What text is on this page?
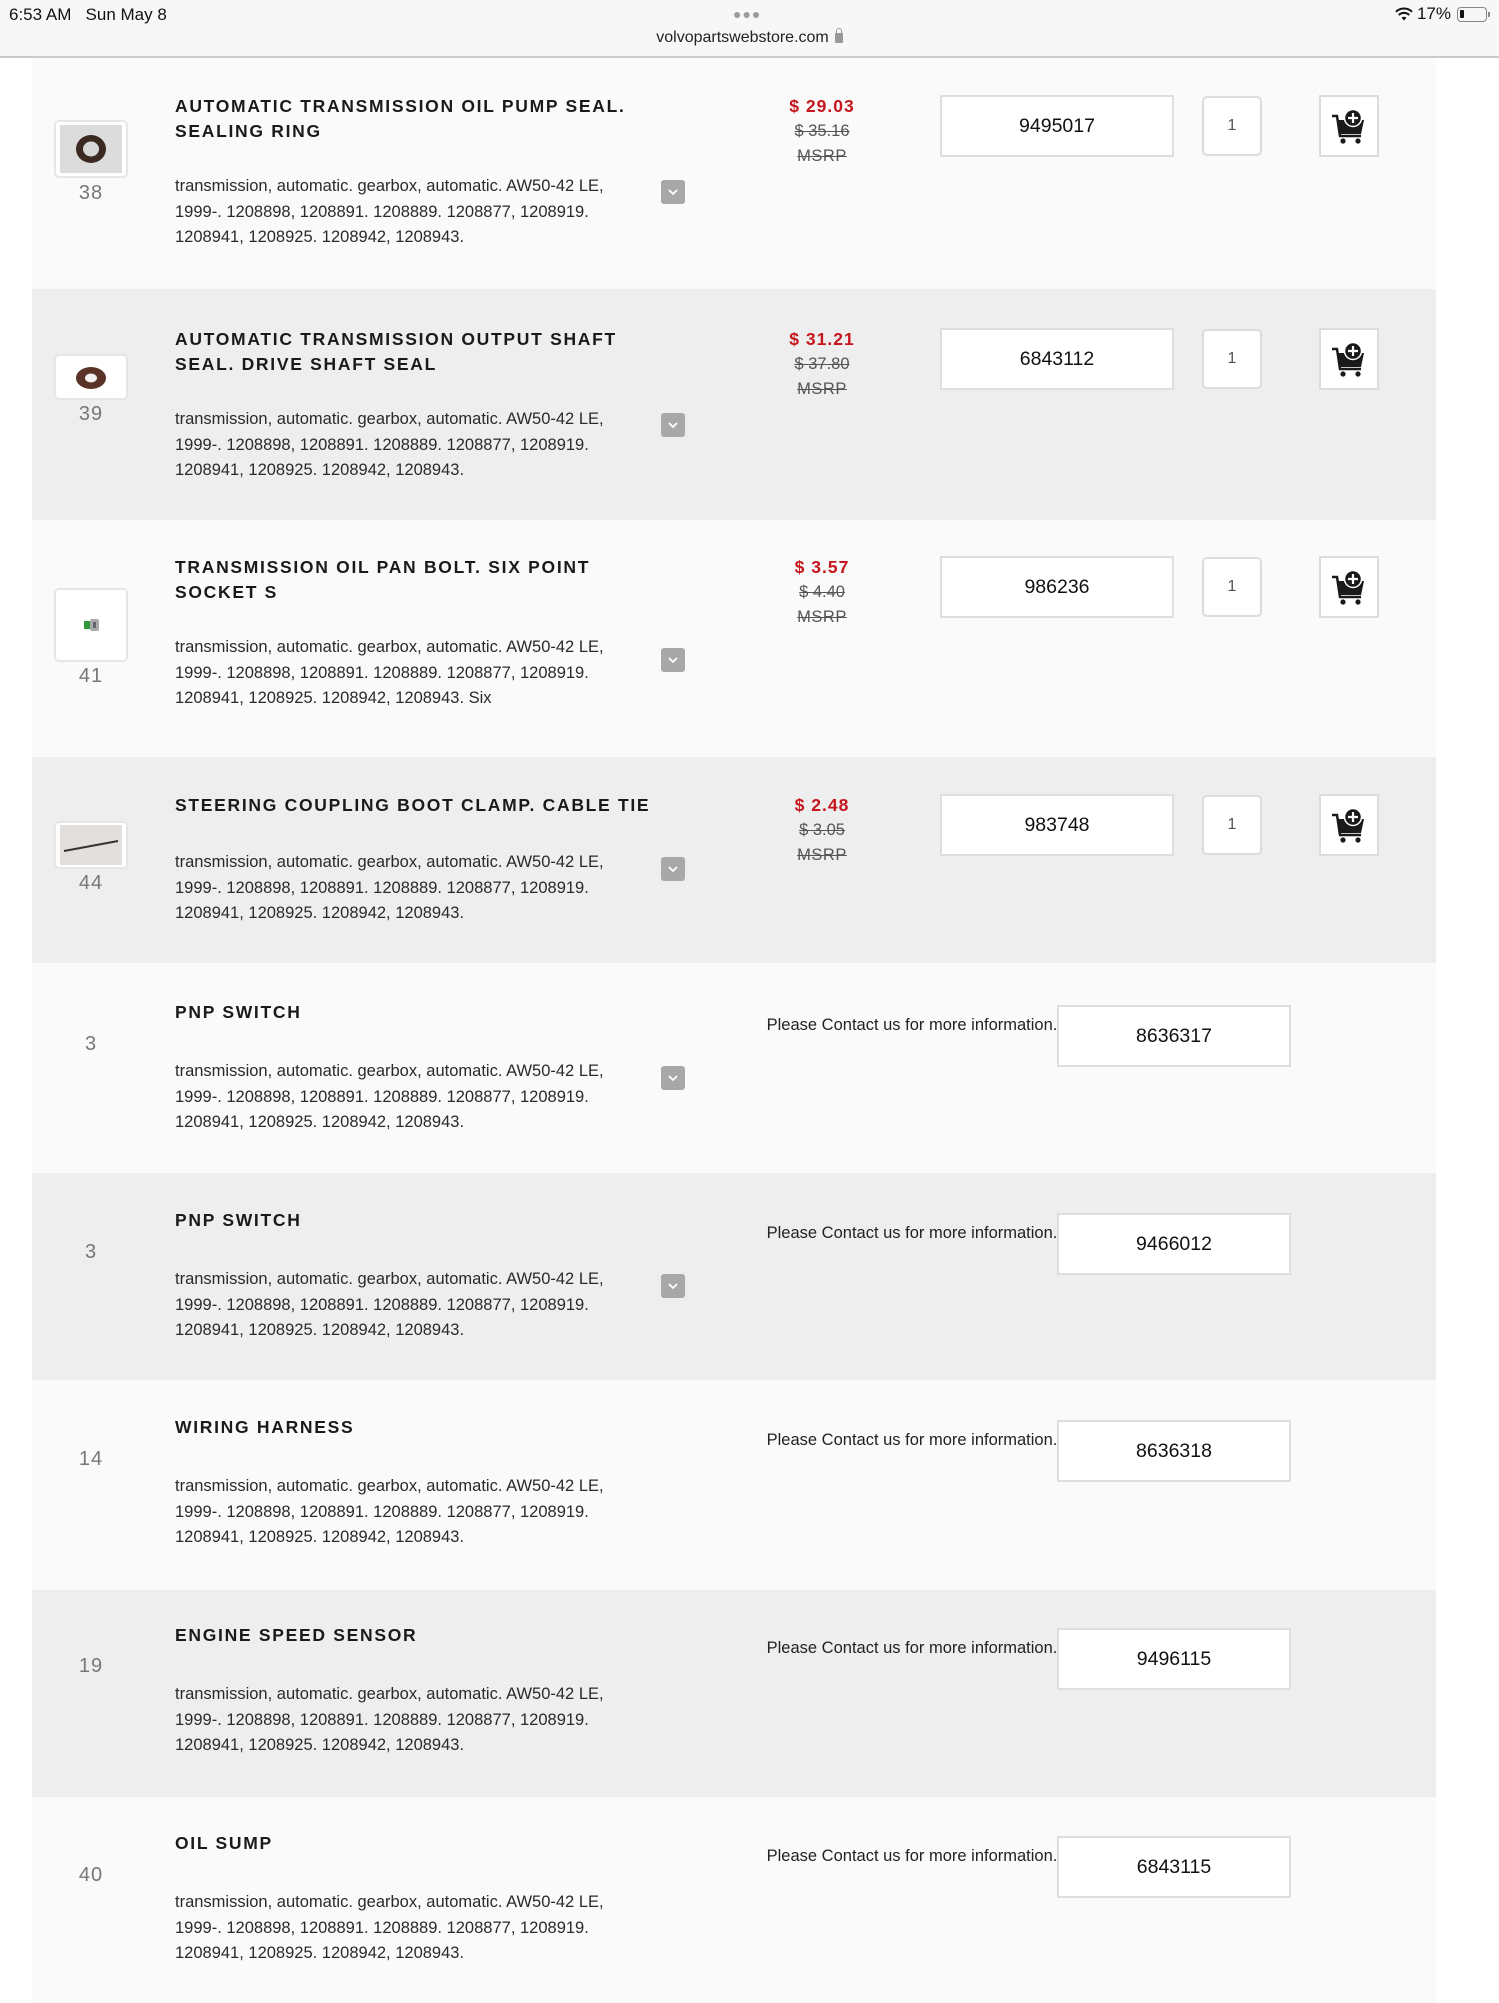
6:53 AM Sun May 8	●●●
volvopartswebstore.com
17%
38
AUTOMATIC TRANSMISSION OIL PUMP SEAL. SEALING RING
transmission, automatic. gearbox, automatic. AW50-42 LE, 1999-. 1208898, 1208891. 1208889. 1208877, 1208919. 1208941, 1208925. 1208942, 1208943.
$ 29.03
$ 35.16
MSRP
9495017	1
39
AUTOMATIC TRANSMISSION OUTPUT SHAFT SEAL. DRIVE SHAFT SEAL
transmission, automatic. gearbox, automatic. AW50-42 LE, 1999-. 1208898, 1208891. 1208889. 1208877, 1208919. 1208941, 1208925. 1208942, 1208943.
$ 31.21
$ 37.80
MSRP
6843112	1
41
TRANSMISSION OIL PAN BOLT. SIX POINT SOCKET S
transmission, automatic. gearbox, automatic. AW50-42 LE, 1999-. 1208898, 1208891. 1208889. 1208877, 1208919. 1208941, 1208925. 1208942, 1208943. Six
$ 3.57
$ 4.40
MSRP
986236	1
44
STEERING COUPLING BOOT CLAMP. CABLE TIE
transmission, automatic. gearbox, automatic. AW50-42 LE, 1999-. 1208898, 1208891. 1208889. 1208877, 1208919. 1208941, 1208925. 1208942, 1208943.
$ 2.48
$ 3.05
MSRP
983748	1
3
PNP SWITCH
transmission, automatic. gearbox, automatic. AW50-42 LE, 1999-. 1208898, 1208891. 1208889. 1208877, 1208919. 1208941, 1208925. 1208942, 1208943.
Please Contact us for more information.	8636317
3
PNP SWITCH
transmission, automatic. gearbox, automatic. AW50-42 LE, 1999-. 1208898, 1208891. 1208889. 1208877, 1208919. 1208941, 1208925. 1208942, 1208943.
Please Contact us for more information.	9466012
14
WIRING HARNESS
transmission, automatic. gearbox, automatic. AW50-42 LE, 1999-. 1208898, 1208891. 1208889. 1208877, 1208919. 1208941, 1208925. 1208942, 1208943.
Please Contact us for more information.	8636318
19
ENGINE SPEED SENSOR
transmission, automatic. gearbox, automatic. AW50-42 LE, 1999-. 1208898, 1208891. 1208889. 1208877, 1208919. 1208941, 1208925. 1208942, 1208943.
Please Contact us for more information.	9496115
40
OIL SUMP
transmission, automatic. gearbox, automatic. AW50-42 LE, 1999-. 1208898, 1208891. 1208889. 1208877, 1208919. 1208941, 1208925. 1208942, 1208943.
Please Contact us for more information.	6843115
